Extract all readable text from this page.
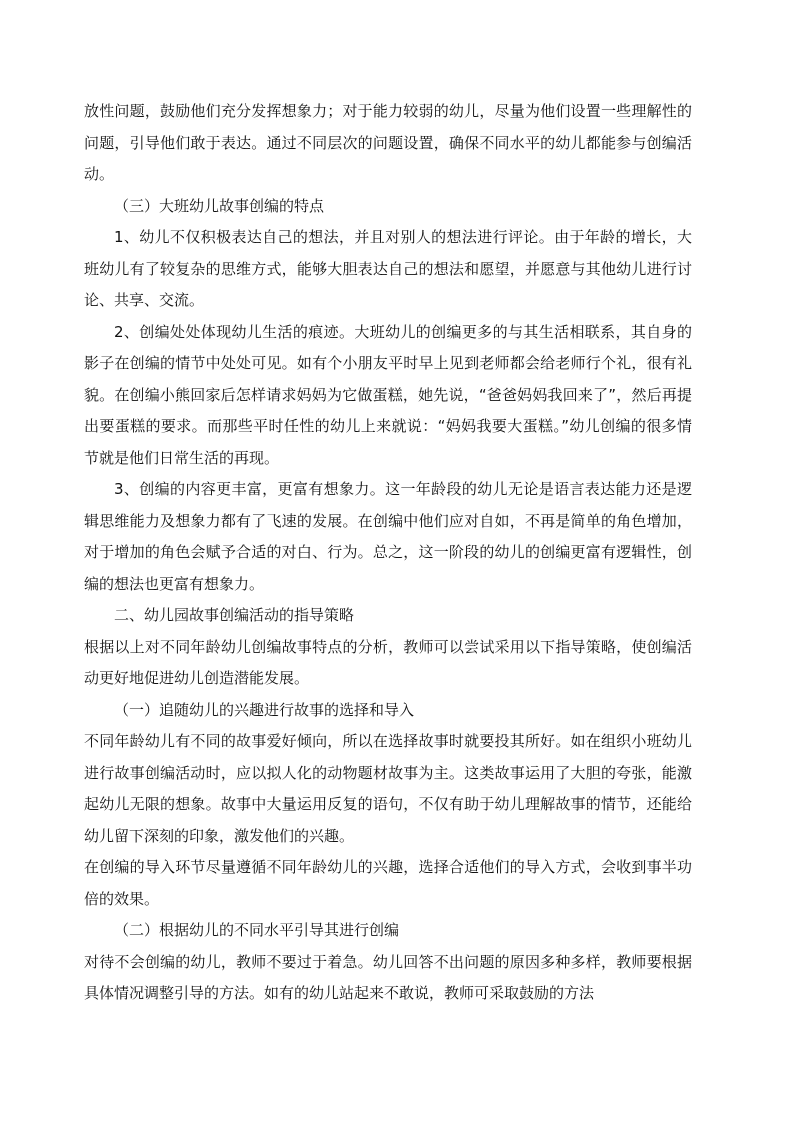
放性问题，鼓励他们充分发挥想象力；对于能力较弱的幼儿，尽量为他们设置一些理解性的问题，引导他们敢于表达。通过不同层次的问题设置，确保不同水平的幼儿都能参与创编活动。

（三）大班幼儿故事创编的特点

1、幼儿不仅积极表达自己的想法，并且对别人的想法进行评论。由于年龄的增长，大班幼儿有了较复杂的思维方式，能够大胆表达自己的想法和愿望，并愿意与其他幼儿进行讨论、共享、交流。

2、创编处处体现幼儿生活的痕迹。大班幼儿的创编更多的与其生活相联系，其自身的影子在创编的情节中处处可见。如有个小朋友平时早上见到老师都会给老师行个礼，很有礼貌。在创编小熊回家后怎样请求妈妈为它做蛋糕，她先说，“爸爸妈妈我回来了”，然后再提出要蛋糕的要求。而那些平时任性的幼儿上来就说：“妈妈我要大蛋糕。”幼儿创编的很多情节就是他们日常生活的再现。

3、创编的内容更丰富，更富有想象力。这一年龄段的幼儿无论是语言表达能力还是逻辑思维能力及想象力都有了飞速的发展。在创编中他们应对自如，不再是简单的角色增加，对于增加的角色会赋予合适的对白、行为。总之，这一阶段的幼儿的创编更富有逻辑性，创编的想法也更富有想象力。

二、幼儿园故事创编活动的指导策略

根据以上对不同年龄幼儿创编故事特点的分析，教师可以尝试采用以下指导策略，使创编活动更好地促进幼儿创造潜能发展。

（一）追随幼儿的兴趣进行故事的选择和导入

不同年龄幼儿有不同的故事爱好倾向，所以在选择故事时就要投其所好。如在组织小班幼儿进行故事创编活动时，应以拟人化的动物题材故事为主。这类故事运用了大胆的夸张，能激起幼儿无限的想象。故事中大量运用反复的语句，不仅有助于幼儿理解故事的情节，还能给幼儿留下深刻的印象，激发他们的兴趣。

在创编的导入环节尽量遵循不同年龄幼儿的兴趣，选择合适他们的导入方式，会收到事半功倍的效果。

（二）根据幼儿的不同水平引导其进行创编

对待不会创编的幼儿，教师不要过于着急。幼儿回答不出问题的原因多种多样，教师要根据具体情况调整引导的方法。如有的幼儿站起来不敢说，教师可采取鼓励的方法
